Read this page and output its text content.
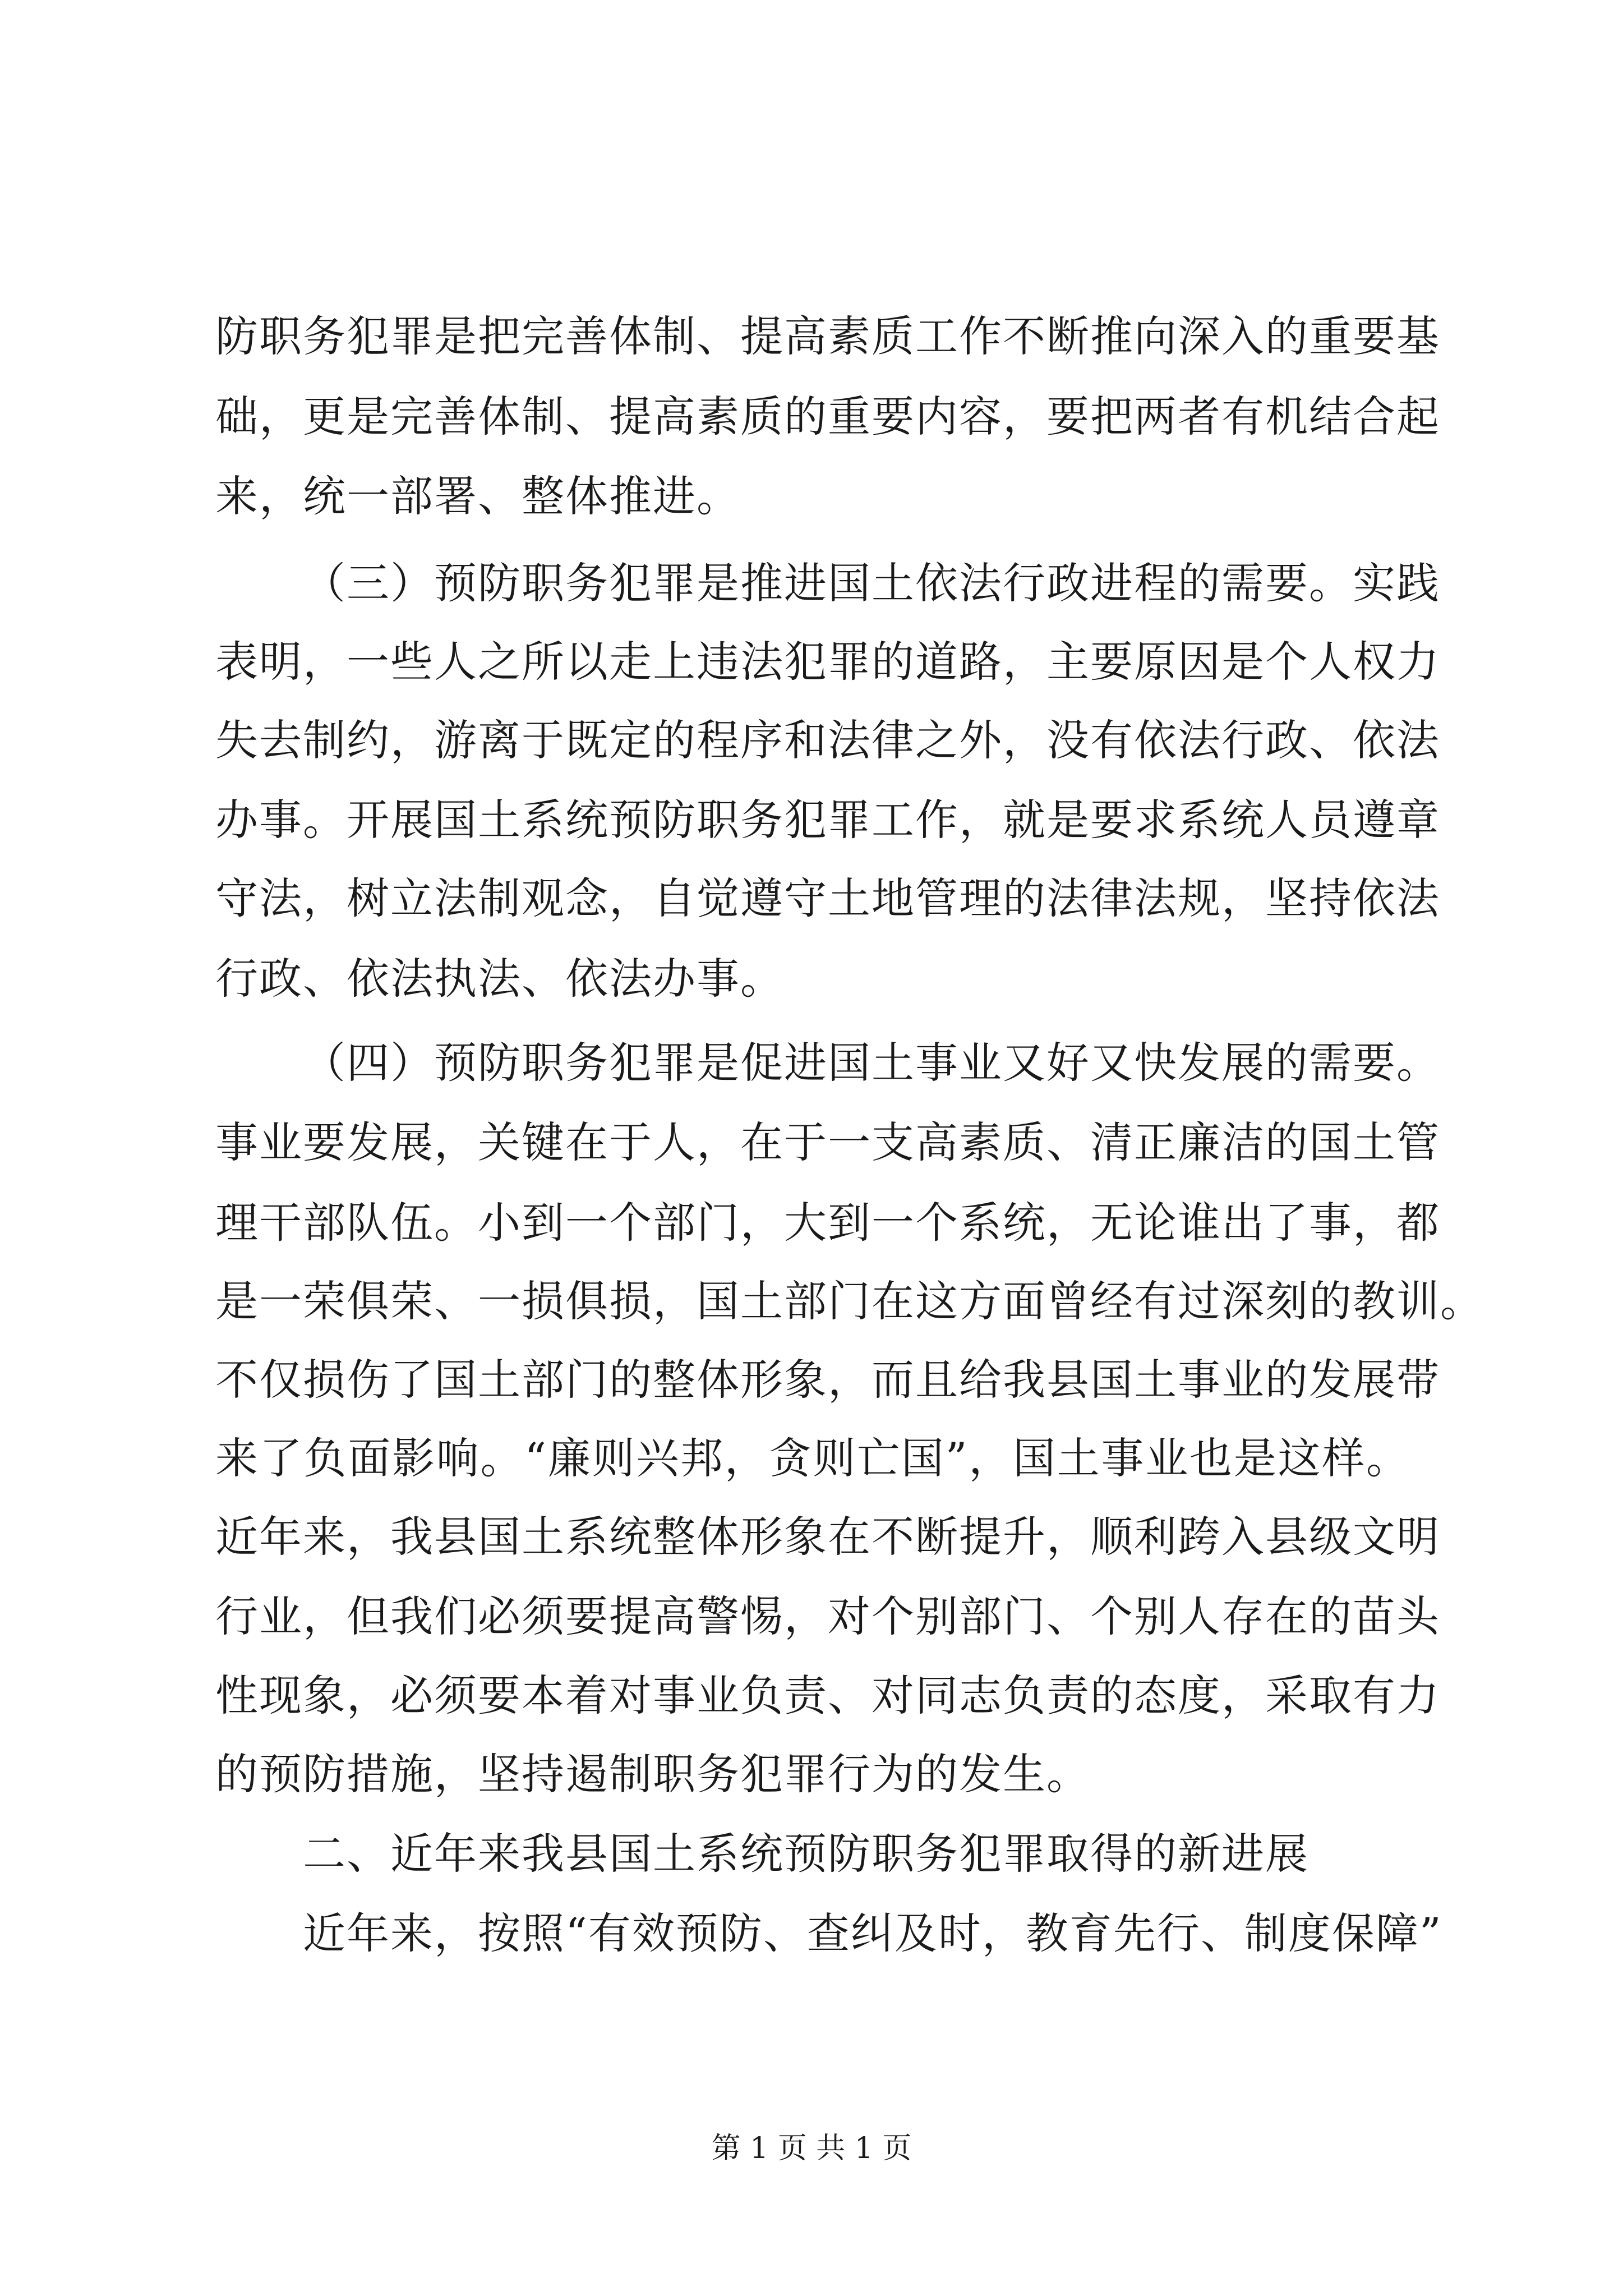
防职务犯罪是把完善体制、提高素质工作不断推向深入的重要基
础，更是完善体制、提高素质的重要内容，要把两者有机结合起
来，统一部署、整体推进。
（三）预防职务犯罪是推进国土依法行政进程的需要。实践
表明，一些人之所以走上违法犯罪的道路，主要原因是个人权力
失去制约，游离于既定的程序和法律之外，没有依法行政、依法
办事。开展国土系统预防职务犯罪工作，就是要求系统人员遵章
守法，树立法制观念，自觉遵守土地管理的法律法规，坚持依法
行政、依法执法、依法办事。
（四）预防职务犯罪是促进国土事业又好又快发展的需要。
事业要发展，关键在于人，在于一支高素质、清正廉洁的国土管
理干部队伍。小到一个部门，大到一个系统，无论谁出了事，都
是一荣俱荣、一损俱损，国土部门在这方面曾经有过深刻的教训。
不仅损伤了国土部门的整体形象，而且给我县国土事业的发展带
来了负面影响。“廉则兴邦，贪则亡国”，国土事业也是这样。
近年来，我县国土系统整体形象在不断提升，顺利跨入县级文明
行业，但我们必须要提高警惕，对个别部门、个别人存在的苗头
性现象，必须要本着对事业负责、对同志负责的态度，采取有力
的预防措施，坚持遏制职务犯罪行为的发生。
二、近年来我县国土系统预防职务犯罪取得的新进展
近年来，按照“有效预防、查纠及时，教育先行、制度保障”
第 1 页 共 1 页
